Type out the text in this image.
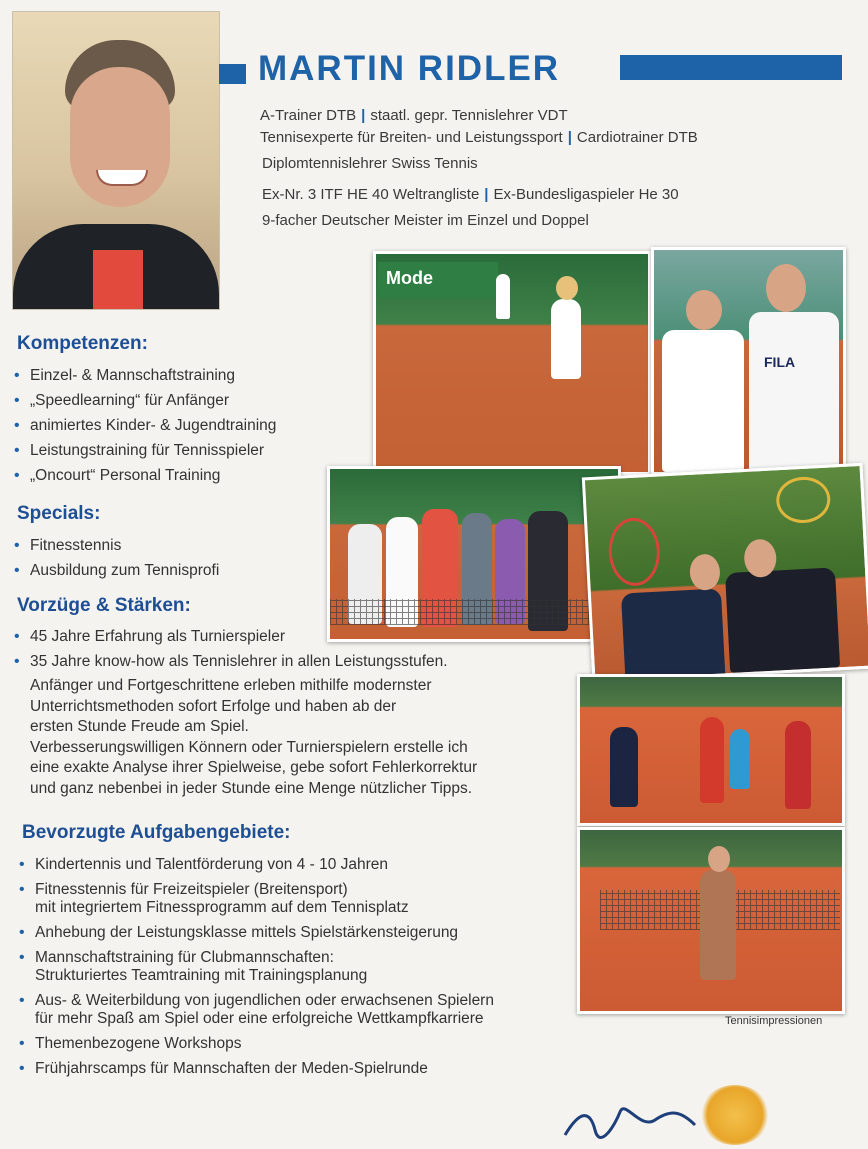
MARTIN RIDLER
A-Trainer DTB | staatl. gepr. Tennislehrer VDT
Tennisexperte für Breiten- und Leistungssport | Cardiotrainer DTB
Diplomtennislehrer Swiss Tennis
Ex-Nr. 3 ITF HE 40 Weltrangliste | Ex-Bundesligaspieler He 30
9-facher Deutscher Meister im Einzel und Doppel
Kompetenzen:
• Einzel- & Mannschaftstraining
• „Speedlearning“ für Anfänger
• animiertes Kinder- & Jugendtraining
• Leistungstraining für Tennisspieler
• „Oncourt“ Personal Training
Specials:
• Fitnesstennis
• Ausbildung zum Tennisprofi
Vorzüge & Stärken:
• 45 Jahre Erfahrung als Turnierspieler
• 35 Jahre know-how als Tennislehrer in allen Leistungsstufen.
Anfänger und Fortgeschrittene erleben mithilfe modernster
Unterrichtsmethoden sofort Erfolge und haben ab der
ersten Stunde Freude am Spiel.
Verbesserungswilligen Könnern oder Turnierspielern erstelle ich
eine exakte Analyse ihrer Spielweise, gebe sofort Fehlerkorrektur
und ganz nebenbei in jeder Stunde eine Menge nützlicher Tipps.
Bevorzugte Aufgabengebiete:
• Kindertennis und Talentförderung von 4 - 10 Jahren
• Fitnesstennis für Freizeitspieler (Breitensport)
mit integriertem Fitnessprogramm auf dem Tennisplatz
• Anhebung der Leistungsklasse mittels Spielstärkensteigerung
• Mannschaftstraining für Clubmannschaften:
Strukturiertes Teamtraining mit Trainingsplanung
• Aus- & Weiterbildung von jugendlichen oder erwachsenen Spielern
für mehr Spaß am Spiel oder eine erfolgreiche Wettkampfkarriere
• Themenbezogene Workshops
• Frühjahrscamps für Mannschaften der Meden-Spielrunde
Mode
FILA
Tennisimpressionen
